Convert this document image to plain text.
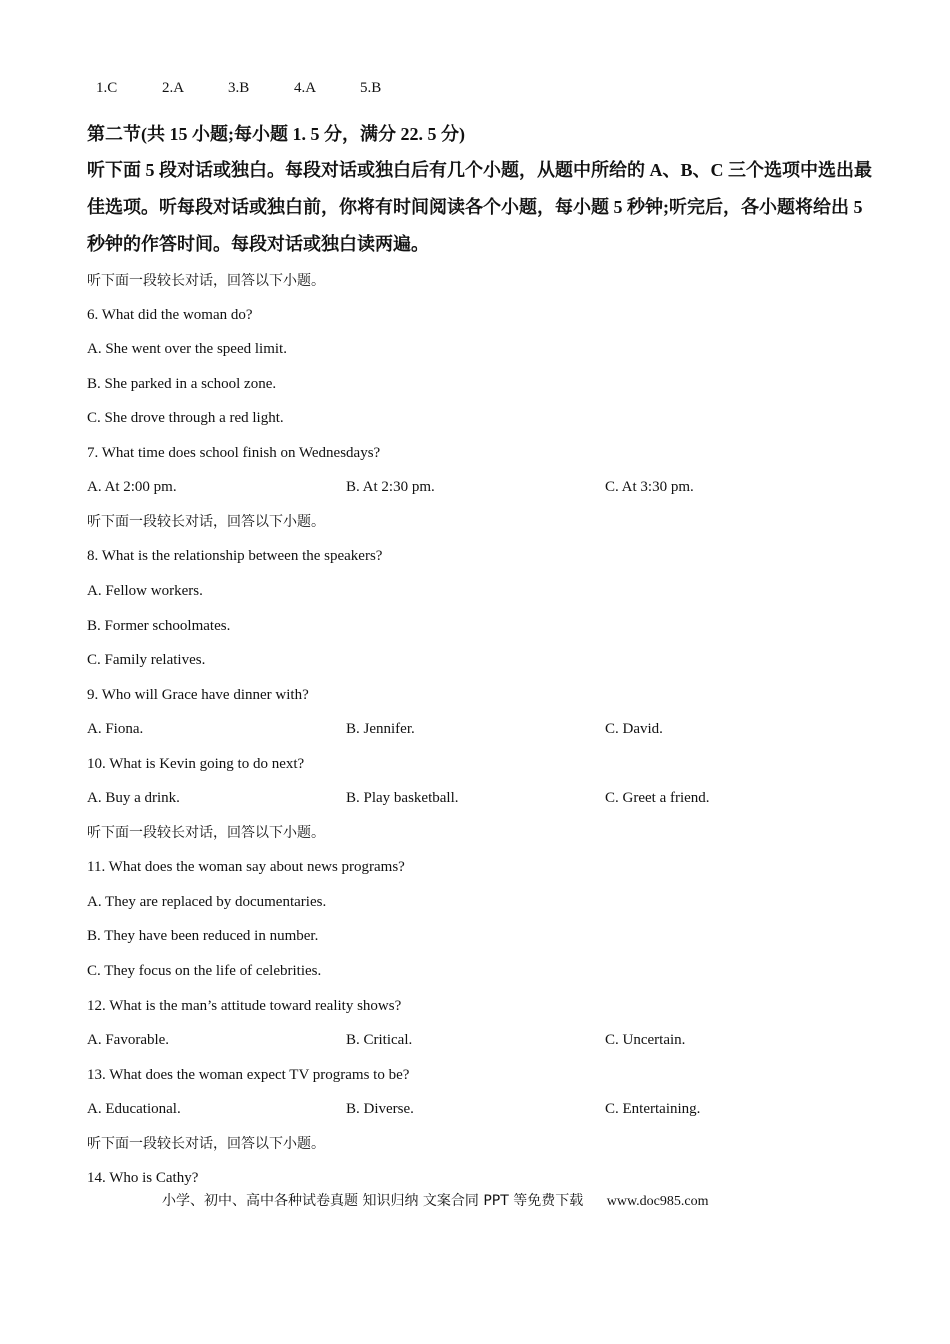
1.C	2.A	3.B	4.A	5.B
第二节(共 15 小题;每小题 1. 5 分，满分 22. 5 分)
听下面 5 段对话或独白。每段对话或独白后有几个小题，从题中所给的 A、B、C 三个选项中选出最佳选项。听每段对话或独白前，你将有时间阅读各个小题，每小题 5 秒钟;听完后，各小题将给出 5 秒钟的作答时间。每段对话或独白读两遍。
听下面一段较长对话，回答以下小题。
6. What did the woman do?
A. She went over the speed limit.
B. She parked in a school zone.
C. She drove through a red light.
7. What time does school finish on Wednesdays?
A. At 2:00 pm.	B. At 2:30 pm.	C. At 3:30 pm.
听下面一段较长对话，回答以下小题。
8. What is the relationship between the speakers?
A. Fellow workers.
B. Former schoolmates.
C. Family relatives.
9. Who will Grace have dinner with?
A. Fiona.	B. Jennifer.	C. David.
10. What is Kevin going to do next?
A. Buy a drink.	B. Play basketball.	C. Greet a friend.
听下面一段较长对话，回答以下小题。
11. What does the woman say about news programs?
A. They are replaced by documentaries.
B. They have been reduced in number.
C. They focus on the life of celebrities.
12. What is the man’s attitude toward reality shows?
A. Favorable.	B. Critical.	C. Uncertain.
13. What does the woman expect TV programs to be?
A. Educational.	B. Diverse.	C. Entertaining.
听下面一段较长对话，回答以下小题。
14. Who is Cathy?
小学、初中、高中各种试卷真题 知识归纳 文案合同 PPT 等免费下载 www.doc985.com
